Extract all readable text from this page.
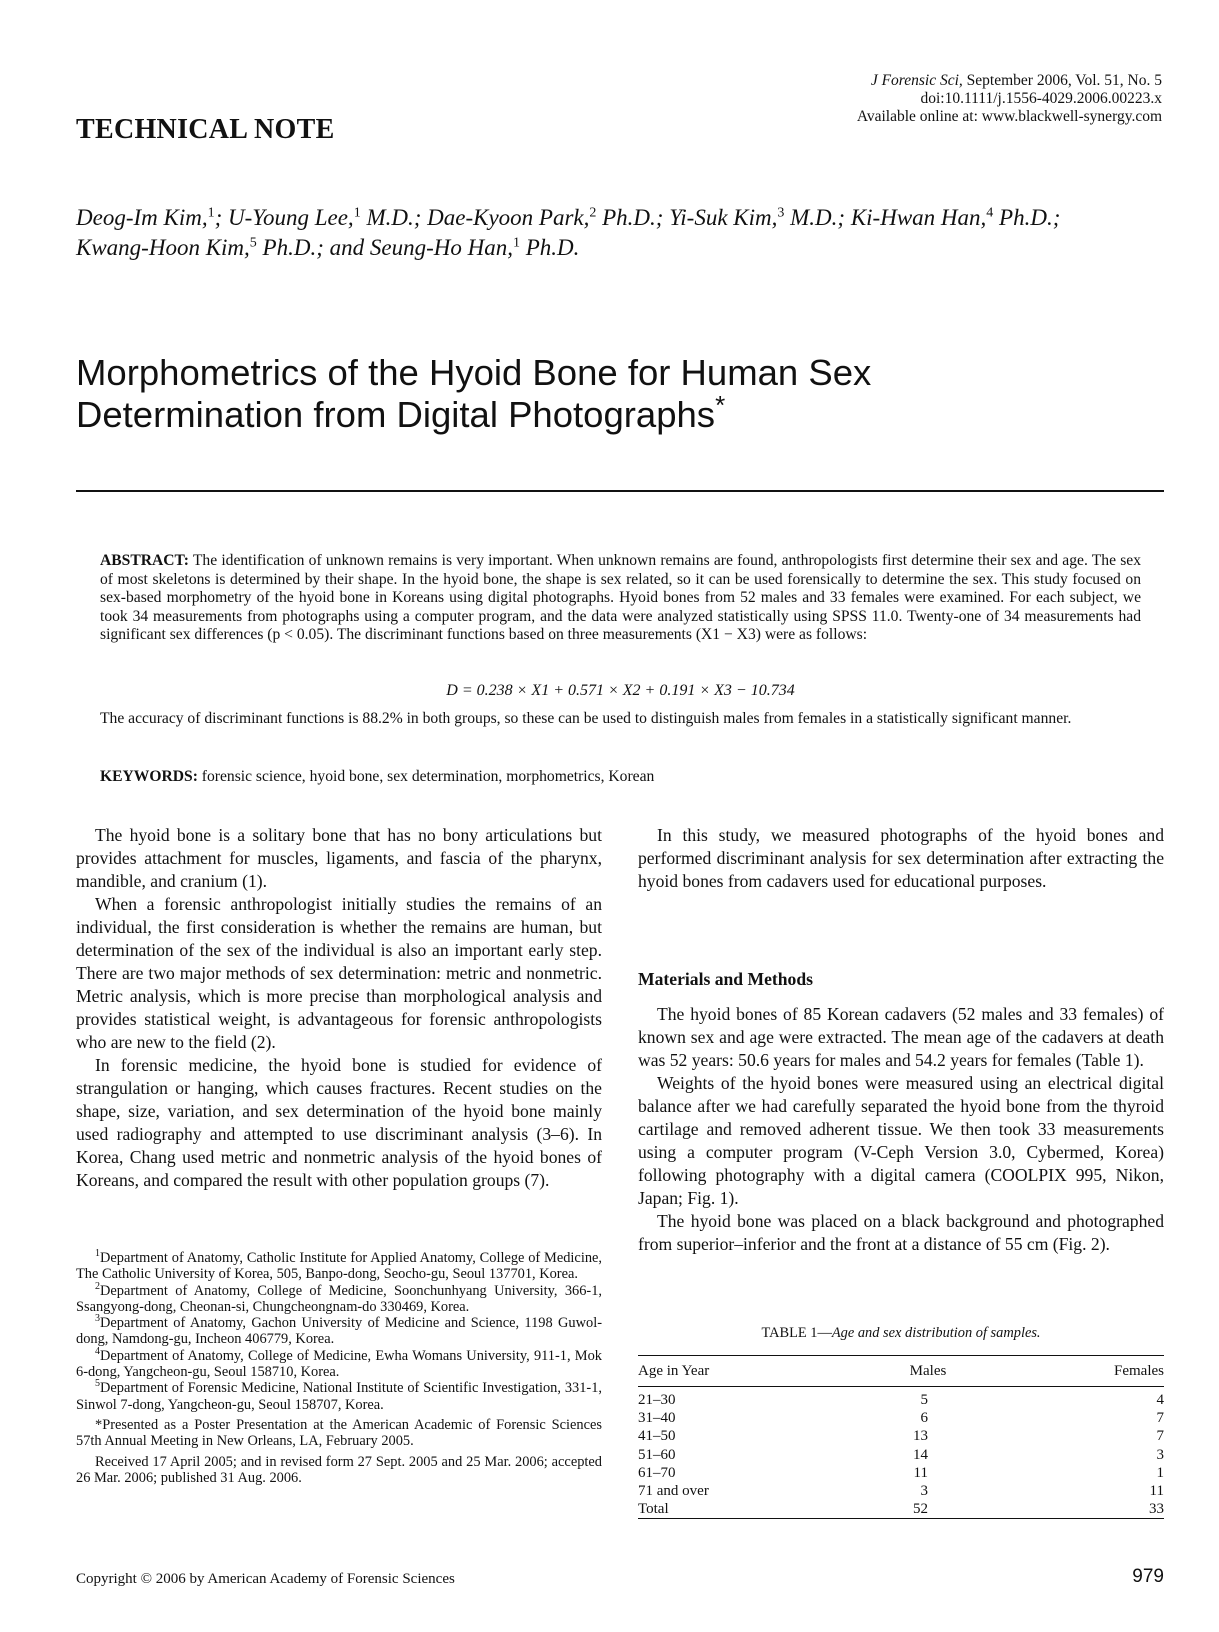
J Forensic Sci, September 2006, Vol. 51, No. 5
doi:10.1111/j.1556-4029.2006.00223.x
Available online at: www.blackwell-synergy.com
TECHNICAL NOTE
Deog-Im Kim,$^1$; U-Young Lee,$^1$ M.D.; Dae-Kyoon Park,$^2$ Ph.D.; Yi-Suk Kim,$^3$ M.D.; Ki-Hwan Han,$^4$ Ph.D.;
Kwang-Hoon Kim,$^5$ Ph.D.; and Seung-Ho Han,$^1$ Ph.D.
Morphometrics of the Hyoid Bone for Human Sex
Determination from Digital Photographs*
ABSTRACT: The identification of unknown remains is very important. When unknown remains are found, anthropologists first determine their sex and age. The sex of most skeletons is determined by their shape. In the hyoid bone, the shape is sex related, so it can be used forensically to determine the sex. This study focused on sex-based morphometry of the hyoid bone in Koreans using digital photographs. Hyoid bones from 52 males and 33 females were examined. For each subject, we took 34 measurements from photographs using a computer program, and the data were analyzed statistically using SPSS 11.0. Twenty-one of 34 measurements had significant sex differences (p < 0.05). The discriminant functions based on three measurements (X1 − X3) were as follows:
D = 0.238 × X1 + 0.571 × X2 + 0.191 × X3 − 10.734
The accuracy of discriminant functions is 88.2% in both groups, so these can be used to distinguish males from females in a statistically significant manner.
KEYWORDS: forensic science, hyoid bone, sex determination, morphometrics, Korean

The hyoid bone is a solitary bone that has no bony articulations but provides attachment for muscles, ligaments, and fascia of the pharynx, mandible, and cranium (1).

When a forensic anthropologist initially studies the remains of an individual, the first consideration is whether the remains are human, but determination of the sex of the individual is also an important early step. There are two major methods of sex determination: metric and nonmetric. Metric analysis, which is more precise than morphological analysis and provides statistical weight, is advantageous for forensic anthropologists who are new to the field (2).

In forensic medicine, the hyoid bone is studied for evidence of strangulation or hanging, which causes fractures. Recent studies on the shape, size, variation, and sex determination of the hyoid bone mainly used radiography and attempted to use discriminant analysis (3–6). In Korea, Chang used metric and nonmetric analysis of the hyoid bones of Koreans, and compared the result with other population groups (7).

In this study, we measured photographs of the hyoid bones and performed discriminant analysis for sex determination after extracting the hyoid bones from cadavers used for educational purposes.

Materials and Methods

The hyoid bones of 85 Korean cadavers (52 males and 33 females) of known sex and age were extracted. The mean age of the cadavers at death was 52 years: 50.6 years for males and 54.2 years for females (Table 1).

Weights of the hyoid bones were measured using an electrical digital balance after we had carefully separated the hyoid bone from the thyroid cartilage and removed adherent tissue. We then took 33 measurements using a computer program (V-Ceph Version 3.0, Cybermed, Korea) following photography with a digital camera (COOLPIX 995, Nikon, Japan; Fig. 1).

The hyoid bone was placed on a black background and photographed from superior–inferior and the front at a distance of 55 cm (Fig. 2).

$^1$Department of Anatomy, Catholic Institute for Applied Anatomy, College of Medicine, The Catholic University of Korea, 505, Banpo-dong, Seocho-gu, Seoul 137701, Korea.

$^2$Department of Anatomy, College of Medicine, Soonchunhyang University, 366-1, Ssangyong-dong, Cheonan-si, Chungcheongnam-do 330469, Korea.

$^3$Department of Anatomy, Gachon University of Medicine and Science, 1198 Guwol-dong, Namdong-gu, Incheon 406779, Korea.

$^4$Department of Anatomy, College of Medicine, Ewha Womans University, 911-1, Mok 6-dong, Yangcheon-gu, Seoul 158710, Korea.

$^5$Department of Forensic Medicine, National Institute of Scientific Investigation, 331-1, Sinwol 7-dong, Yangcheon-gu, Seoul 158707, Korea.

*Presented as a Poster Presentation at the American Academic of Forensic Sciences 57th Annual Meeting in New Orleans, LA, February 2005.

Received 17 April 2005; and in revised form 27 Sept. 2005 and 25 Mar. 2006; accepted 26 Mar. 2006; published 31 Aug. 2006.

TABLE 1—Age and sex distribution of samples.
Age in Year	Males	Females
21–30	5	4
31–40	6	7
41–50	13	7
51–60	14	3
61–70	11	1
71 and over	3	11
Total	52	33
Copyright © 2006 by American Academy of Forensic Sciences	979
